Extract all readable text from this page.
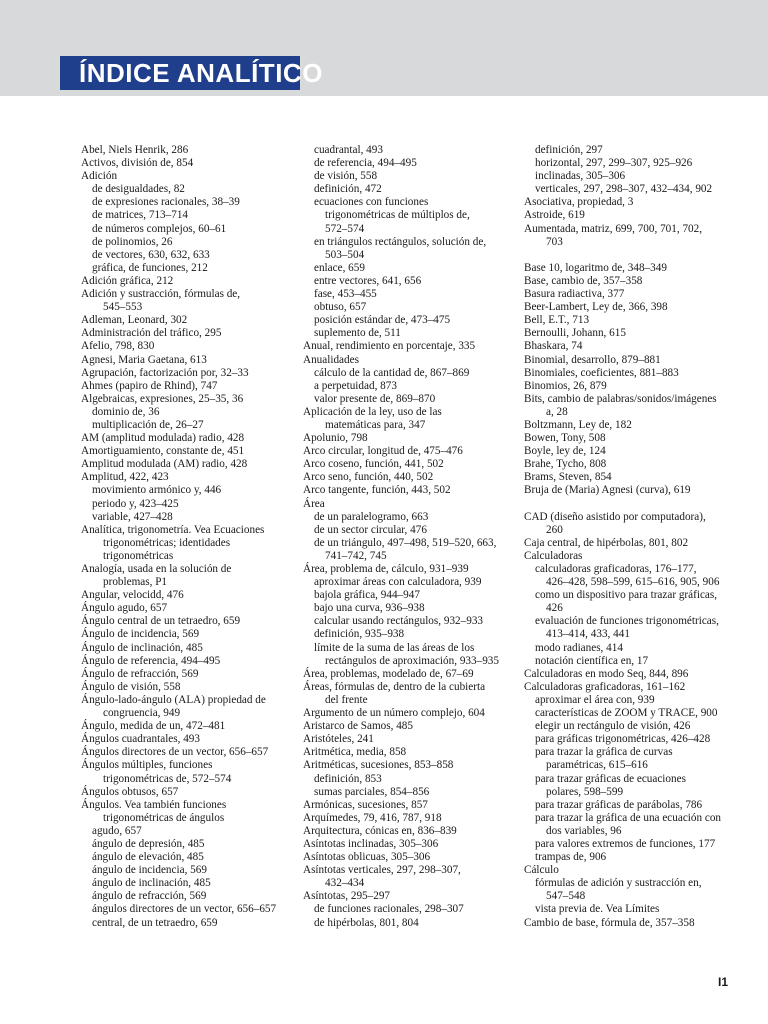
ÍNDICE ANALÍTICO
Abel, Niels Henrik, 286
Activos, división de, 854
Adición
de desigualdades, 82
de expresiones racionales, 38–39
de matrices, 713–714
de números complejos, 60–61
de polinomios, 26
de vectores, 630, 632, 633
gráfica, de funciones, 212
Adición gráfica, 212
Adición y sustracción, fórmulas de,
545–553
Adleman, Leonard, 302
Administración del tráfico, 295
Afelio, 798, 830
Agnesi, Maria Gaetana, 613
Agrupación, factorización por, 32–33
Ahmes (papiro de Rhind), 747
Algebraicas, expresiones, 25–35, 36
dominio de, 36
multiplicación de, 26–27
AM (amplitud modulada) radio, 428
Amortiguamiento, constante de, 451
Amplitud modulada (AM) radio, 428
Amplitud, 422, 423
movimiento armónico y, 446
periodo y, 423–425
variable, 427–428
Analítica, trigonometría. Vea Ecuaciones
trigonométricas; identidades
trigonométricas
Analogía, usada en la solución de
problemas, P1
Angular, velocidd, 476
Ángulo agudo, 657
Ángulo central de un tetraedro, 659
Ángulo de incidencia, 569
Ángulo de inclinación, 485
Ángulo de referencia, 494–495
Ángulo de refracción, 569
Ángulo de visión, 558
Ángulo-lado-ángulo (ALA) propiedad de
congruencia, 949
Ángulo, medida de un, 472–481
Ángulos cuadrantales, 493
Ángulos directores de un vector, 656–657
Ángulos múltiples, funciones
trigonométricas de, 572–574
Ángulos obtusos, 657
Ángulos. Vea también funciones
trigonométricas de ángulos
agudo, 657
ángulo de depresión, 485
ángulo de elevación, 485
ángulo de incidencia, 569
ángulo de inclinación, 485
ángulo de refracción, 569
ángulos directores de un vector, 656–657
central, de un tetraedro, 659
cuadrantal, 493
de referencia, 494–495
de visión, 558
definición, 472
ecuaciones con funciones
trigonométricas de múltiplos de,
572–574
en triángulos rectángulos, solución de,
503–504
enlace, 659
entre vectores, 641, 656
fase, 453–455
obtuso, 657
posición estándar de, 473–475
suplemento de, 511
Anual, rendimiento en porcentaje, 335
Anualidades
cálculo de la cantidad de, 867–869
a perpetuidad, 873
valor presente de, 869–870
Aplicación de la ley, uso de las
matemáticas para, 347
Apolunio, 798
Arco circular, longitud de, 475–476
Arco coseno, función, 441, 502
Arco seno, función, 440, 502
Arco tangente, función, 443, 502
Área
de un paralelogramo, 663
de un sector circular, 476
de un triángulo, 497–498, 519–520, 663,
741–742, 745
Área, problema de, cálculo, 931–939
aproximar áreas con calculadora, 939
bajola gráfica, 944–947
bajo una curva, 936–938
calcular usando rectángulos, 932–933
definición, 935–938
límite de la suma de las áreas de los
rectángulos de aproximación, 933–935
Área, problemas, modelado de, 67–69
Áreas, fórmulas de, dentro de la cubierta
del frente
Argumento de un número complejo, 604
Aristarco de Samos, 485
Aristóteles, 241
Aritmética, media, 858
Aritméticas, sucesiones, 853–858
definición, 853
sumas parciales, 854–856
Armónicas, sucesiones, 857
Arquímedes, 79, 416, 787, 918
Arquitectura, cónicas en, 836–839
Asíntotas inclinadas, 305–306
Asíntotas oblicuas, 305–306
Asíntotas verticales, 297, 298–307,
432–434
Asíntotas, 295–297
de funciones racionales, 298–307
de hipérbolas, 801, 804
definición, 297
horizontal, 297, 299–307, 925–926
inclinadas, 305–306
verticales, 297, 298–307, 432–434, 902
Asociativa, propiedad, 3
Astroide, 619
Aumentada, matriz, 699, 700, 701, 702,
703
Base 10, logaritmo de, 348–349
Base, cambio de, 357–358
Basura radiactiva, 377
Beer-Lambert, Ley de, 366, 398
Bell, E.T., 713
Bernoulli, Johann, 615
Bhaskara, 74
Binomial, desarrollo, 879–881
Binomiales, coeficientes, 881–883
Binomios, 26, 879
Bits, cambio de palabras/sonidos/imágenes
a, 28
Boltzmann, Ley de, 182
Bowen, Tony, 508
Boyle, ley de, 124
Brahe, Tycho, 808
Brams, Steven, 854
Bruja de (Maria) Agnesi (curva), 619
CAD (diseño asistido por computadora),
260
Caja central, de hipérbolas, 801, 802
Calculadoras
calculadoras graficadoras, 176–177,
426–428, 598–599, 615–616, 905, 906
como un dispositivo para trazar gráficas,
426
evaluación de funciones trigonométricas,
413–414, 433, 441
modo radianes, 414
notación científica en, 17
Calculadoras en modo Seq, 844, 896
Calculadoras graficadoras, 161–162
aproximar el área con, 939
características de ZOOM y TRACE, 900
elegir un rectángulo de visión, 426
para gráficas trigonométricas, 426–428
para trazar la gráfica de curvas
paramétricas, 615–616
para trazar gráficas de ecuaciones
polares, 598–599
para trazar gráficas de parábolas, 786
para trazar la gráfica de una ecuación con
dos variables, 96
para valores extremos de funciones, 177
trampas de, 906
Cálculo
fórmulas de adición y sustracción en,
547–548
vista previa de. Vea Límites
Cambio de base, fórmula de, 357–358
I1
